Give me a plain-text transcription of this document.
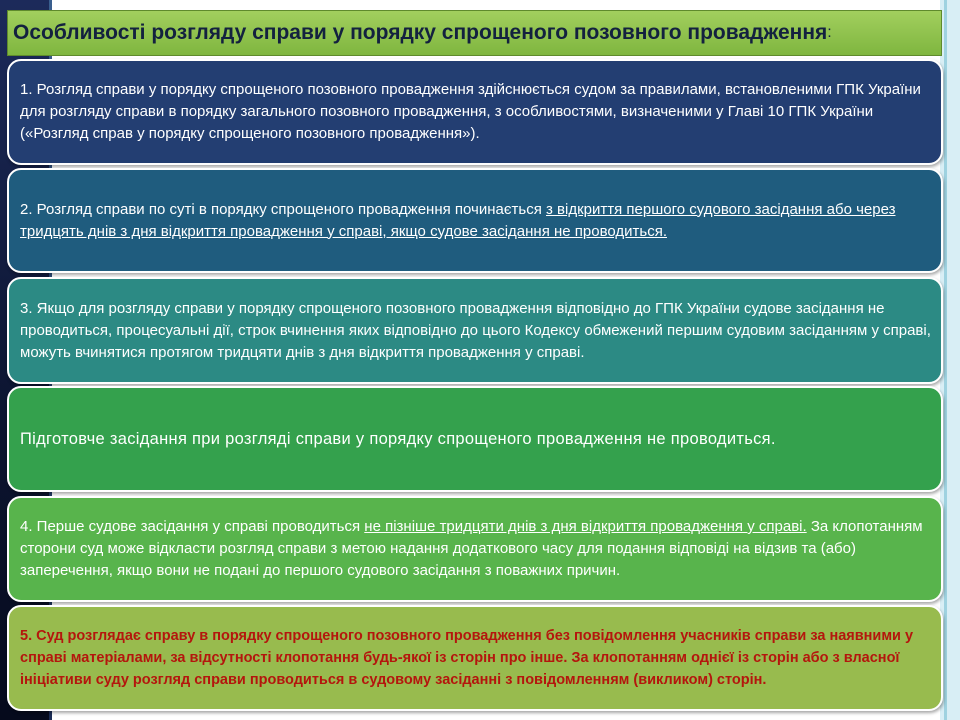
Особливості розгляду справи у порядку спрощеного позовного провадження :
1. Розгляд справи у порядку спрощеного позовного провадження здійснюється судом за правилами, встановленими ГПК України для розгляду справи в порядку загального позовного провадження, з особливостями, визначеними у Главі 10 ГПК України («Розгляд справ у порядку спрощеного позовного провадження»).
2. Розгляд справи по суті в порядку спрощеного провадження починається з відкриття першого судового засідання або через тридцять днів з дня відкриття провадження у справі, якщо судове засідання не проводиться.
3. Якщо для розгляду справи у порядку спрощеного позовного провадження відповідно до ГПК України судове засідання не проводиться, процесуальні дії, строк вчинення яких відповідно до цього Кодексу обмежений першим судовим засіданням у справі, можуть вчинятися протягом тридцяти днів з дня відкриття провадження у справі.
Підготовче засідання при розгляді справи у порядку спрощеного провадження не проводиться.
4. Перше судове засідання у справі проводиться не пізніше тридцяти днів з дня відкриття провадження у справі. За клопотанням сторони суд може відкласти розгляд справи з метою надання додаткового часу для подання відповіді на відзив та (або) заперечення, якщо вони не подані до першого судового засідання з поважних причин.
5. Суд розглядає справу в порядку спрощеного позовного провадження без повідомлення учасників справи за наявними у справі матеріалами, за відсутності клопотання будь-якої із сторін про інше. За клопотанням однієї із сторін або з власної ініціативи суду розгляд справи проводиться в судовому засіданні з повідомленням (викликом) сторін.
